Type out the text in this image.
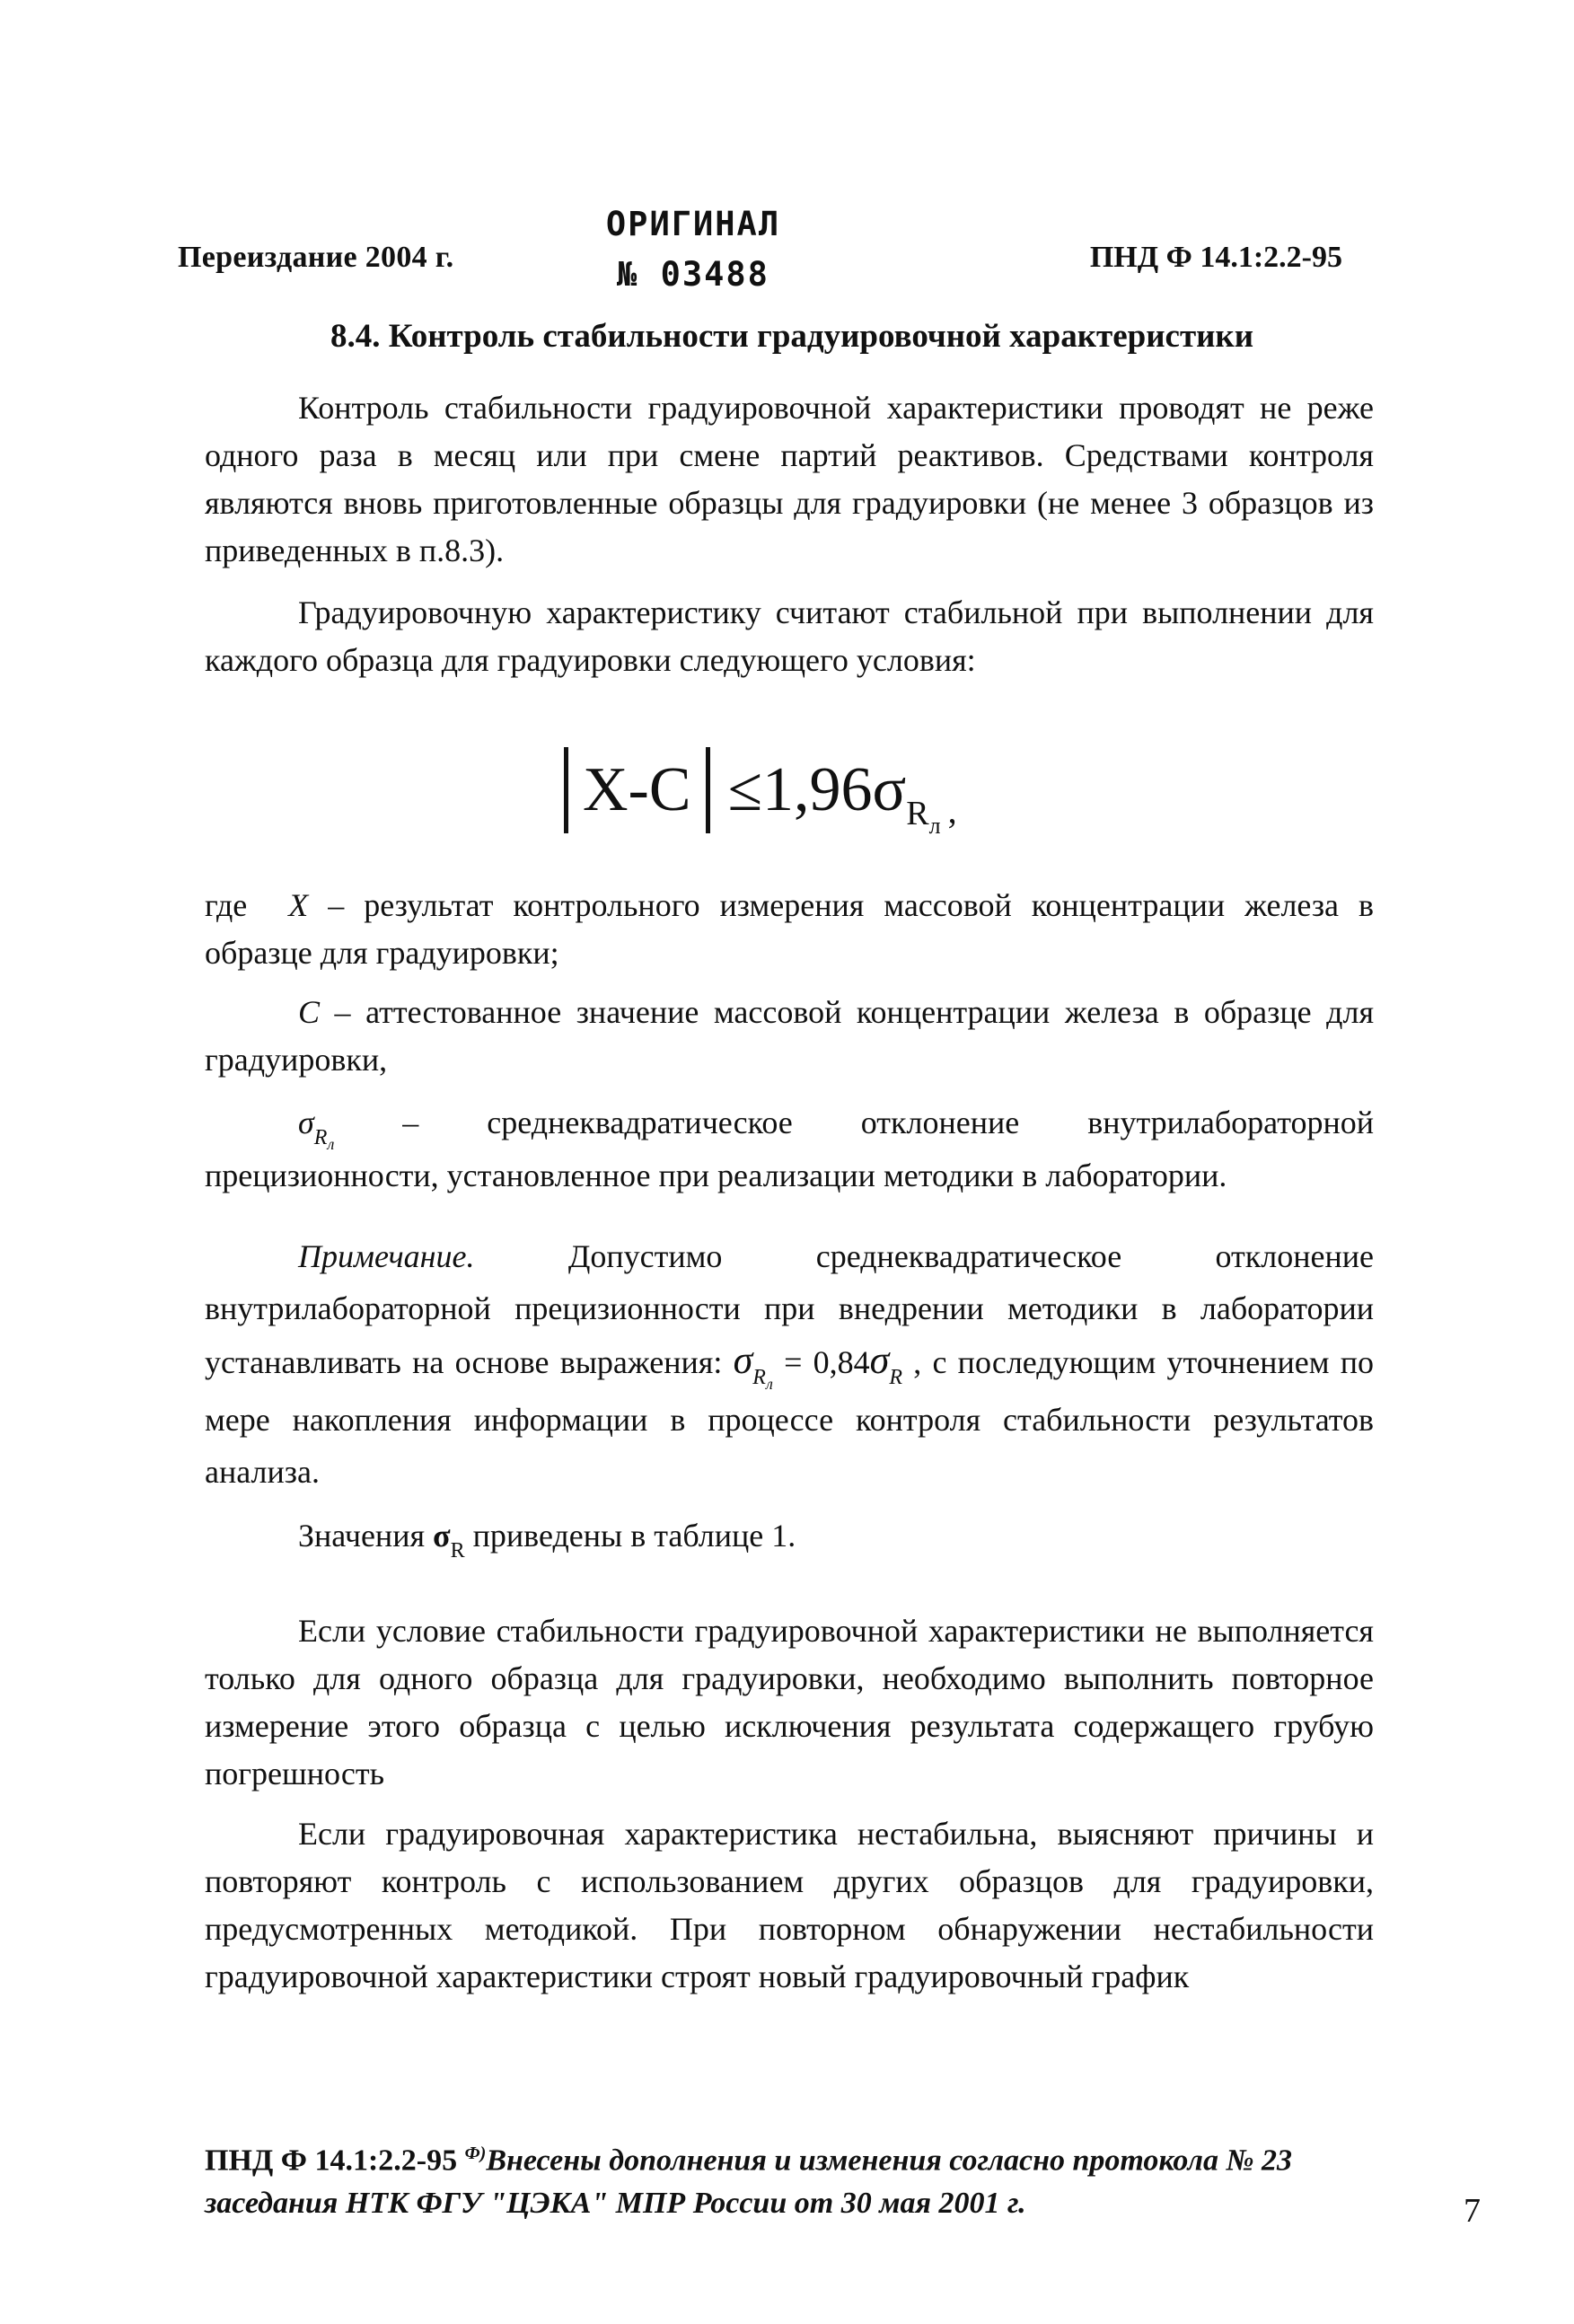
Переиздание 2004 г.
ОРИГИНАЛ
№ 03488	ПНД Ф 14.1:2.2-95
8.4. Контроль стабильности градуировочной характеристики

Контроль стабильности градуировочной характеристики проводят не реже одного раза в месяц или при смене партий реактивов. Средствами контроля являются вновь приготовленные образцы для градуировки (не менее 3 образцов из приведенных в п.8.3).

Градуировочную характеристику считают стабильной при выполнении для каждого образца для градуировки следующего условия:

X-C ≤ 1,96σ R л ,

где X – результат контрольного измерения массовой концентрации железа в образце для градуировки;

С – аттестованное значение массовой концентрации железа в образце для градуировки,

$\sigma_{Rл}$ – среднеквадратическое отклонение внутрилабораторной прецизионности, установленное при реализации методики в лаборатории.

Примечание. Допустимо среднеквадратическое отклонение внутрилабораторной прецизионности при внедрении методики в лаборатории устанавливать на основе выражения: $\sigma_{Rл} = 0,84\sigma_R$ , с последующим уточнением по мере накопления информации в процессе контроля стабильности результатов анализа.

Значения $\sigma_R$ приведены в таблице 1.

Если условие стабильности градуировочной характеристики не выполняется только для одного образца для градуировки, необходимо выполнить повторное измерение этого образца с целью исключения результата содержащего грубую погрешность

Если градуировочная характеристика нестабильна, выясняют причины и повторяют контроль с использованием других образцов для градуировки, предусмотренных методикой. При повторном обнаружении нестабильности градуировочной характеристики строят новый градуировочный график

ПНД Ф 14.1:2.2-95 $^{Ф)}$Внесены дополнения и изменения согласно протокола № 23 заседания НТК ФГУ "ЦЭКА" МПР России от 30 мая 2001 г.	7
